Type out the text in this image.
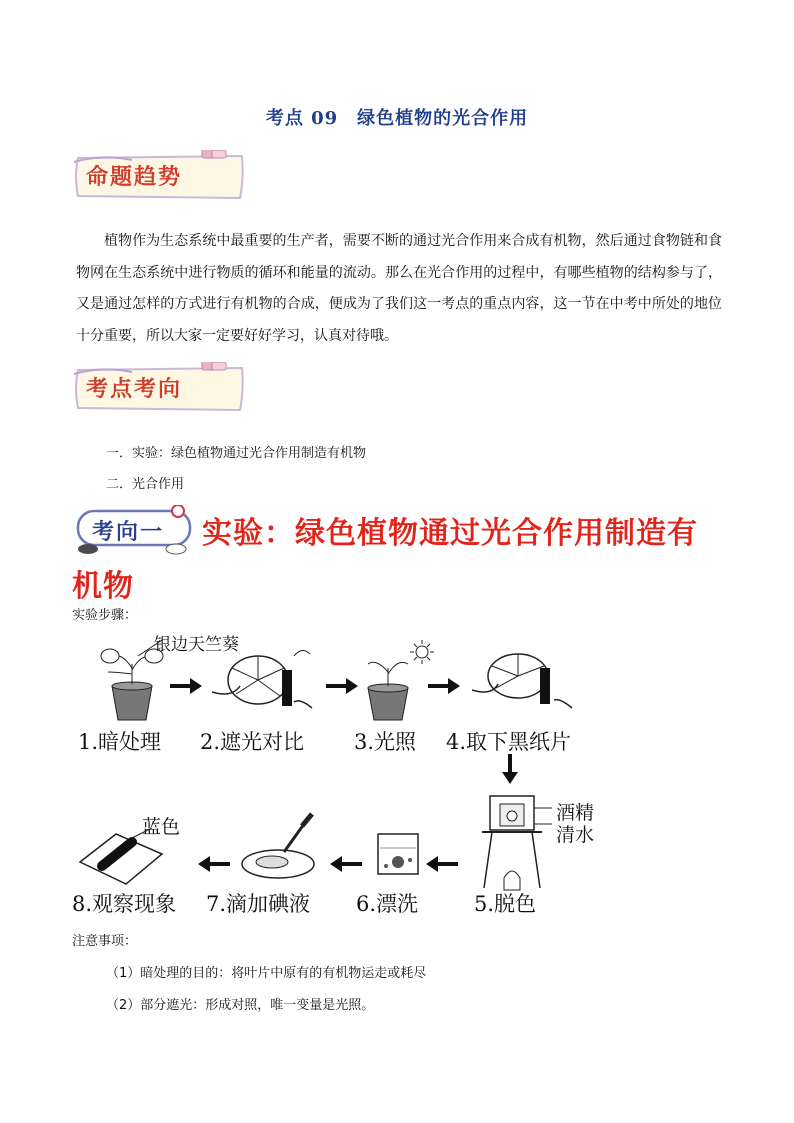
考点 09　绿色植物的光合作用
命题趋势
植物作为生态系统中最重要的生产者，需要不断的通过光合作用来合成有机物，然后通过食物链和食物网在生态系统中进行物质的循环和能量的流动。那么在光合作用的过程中，有哪些植物的结构参与了，又是通过怎样的方式进行有机物的合成，便成为了我们这一考点的重点内容，这一节在中考中所处的地位十分重要，所以大家一定要好好学习，认真对待哦。
考点考向
一．实验：绿色植物通过光合作用制造有机物
二．光合作用
考向一 实验：绿色植物通过光合作用制造有
机物
实验步骤：
银边天竺葵
1.暗处理 2.遮光对比 3.光照 4.取下黑纸片
酒精
清水
蓝色
8.观察现象 7.滴加碘液 6.漂洗	5.脱色
注意事项：
（1）暗处理的目的：将叶片中原有的有机物运走或耗尽
（2）部分遮光：形成对照，唯一变量是光照。
